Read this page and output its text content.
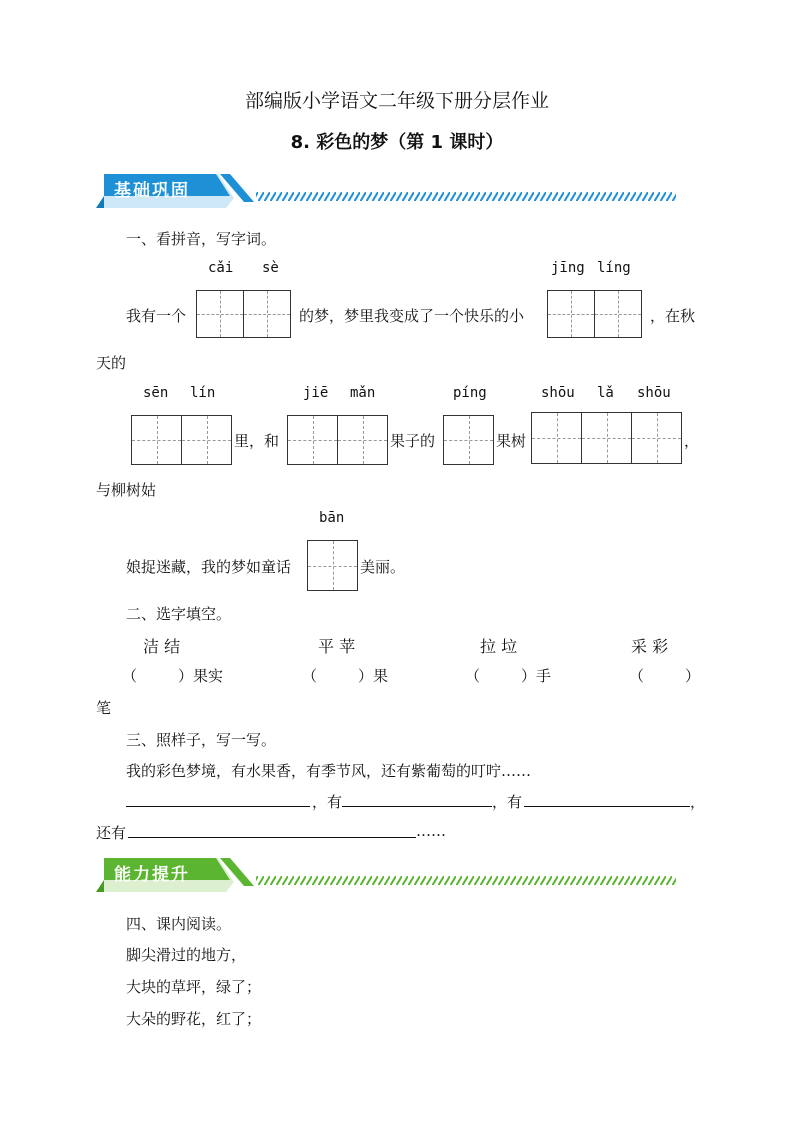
部编版小学语文二年级下册分层作业
8. 彩色的梦（第 1 课时）
基础巩固
一、看拼音，写字词。
cǎi sè	jīng líng
我有一个	的梦，梦里我变成了一个快乐的小	，在秋
天的
sēn lín	jiē mǎn	píng	shōu lǎ shōu
里，和	果子的	果树	，
与柳树姑
bān
娘捉迷藏，我的梦如童话	美丽。
二、选字填空。
洁 结	平 苹	拉 垃	采 彩
（	） 果实	（	） 果	（	） 手	（	）
笔
三、照样子，写一写。
我的彩色梦境，有水果香，有季节风，还有紫葡萄的叮咛……
，有	，有	，
还有	……
能力提升
四、课内阅读。
脚尖滑过的地方，
大块的草坪，绿了；
大朵的野花，红了；
